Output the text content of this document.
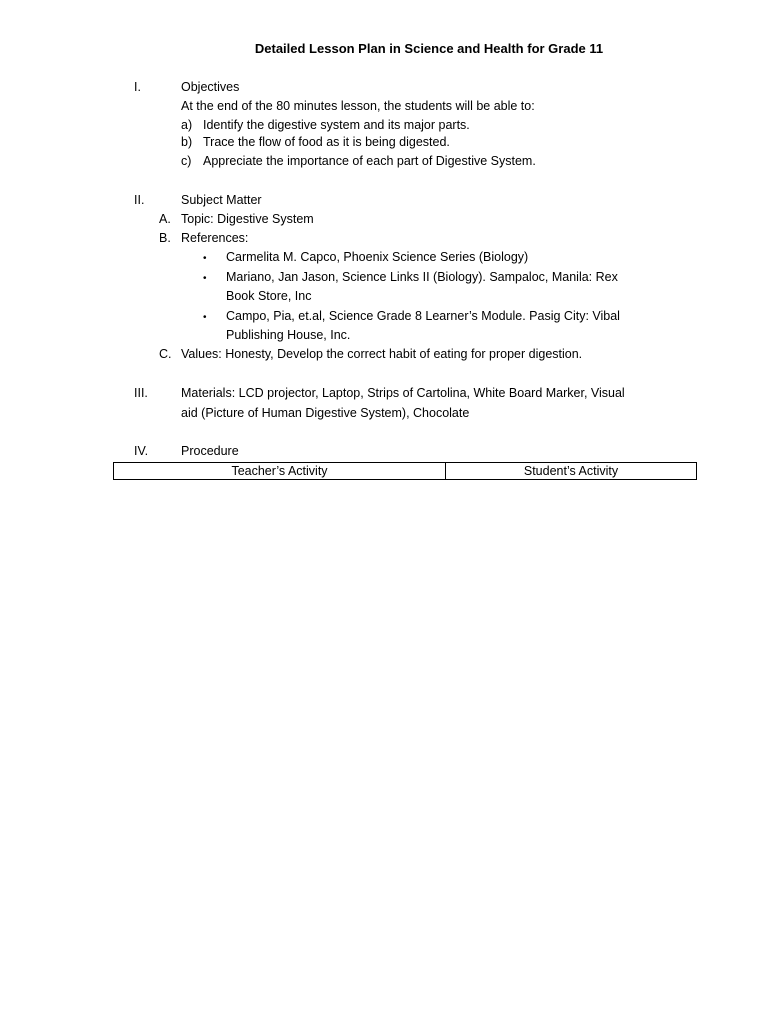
Detailed Lesson Plan in Science and Health for Grade 11
I.	Objectives
At the end of the 80 minutes lesson, the students will be able to:
a) Identify the digestive system and its major parts.
b) Trace the flow of food as it is being digested.
c) Appreciate the importance of each part of Digestive System.
II.	Subject Matter
A. Topic: Digestive System
B. References:
• Carmelita M. Capco, Phoenix Science Series (Biology)
• Mariano, Jan Jason, Science Links II (Biology). Sampaloc, Manila: Rex
Book Store, Inc
• Campo, Pia, et.al, Science Grade 8 Learner’s Module. Pasig City: Vibal
Publishing House, Inc.
C. Values: Honesty, Develop the correct habit of eating for proper digestion.
III.	Materials: LCD projector, Laptop, Strips of Cartolina, White Board Marker, Visual
aid (Picture of Human Digestive System), Chocolate
IV.	Procedure
Teacher’s Activity	Student’s Activity
